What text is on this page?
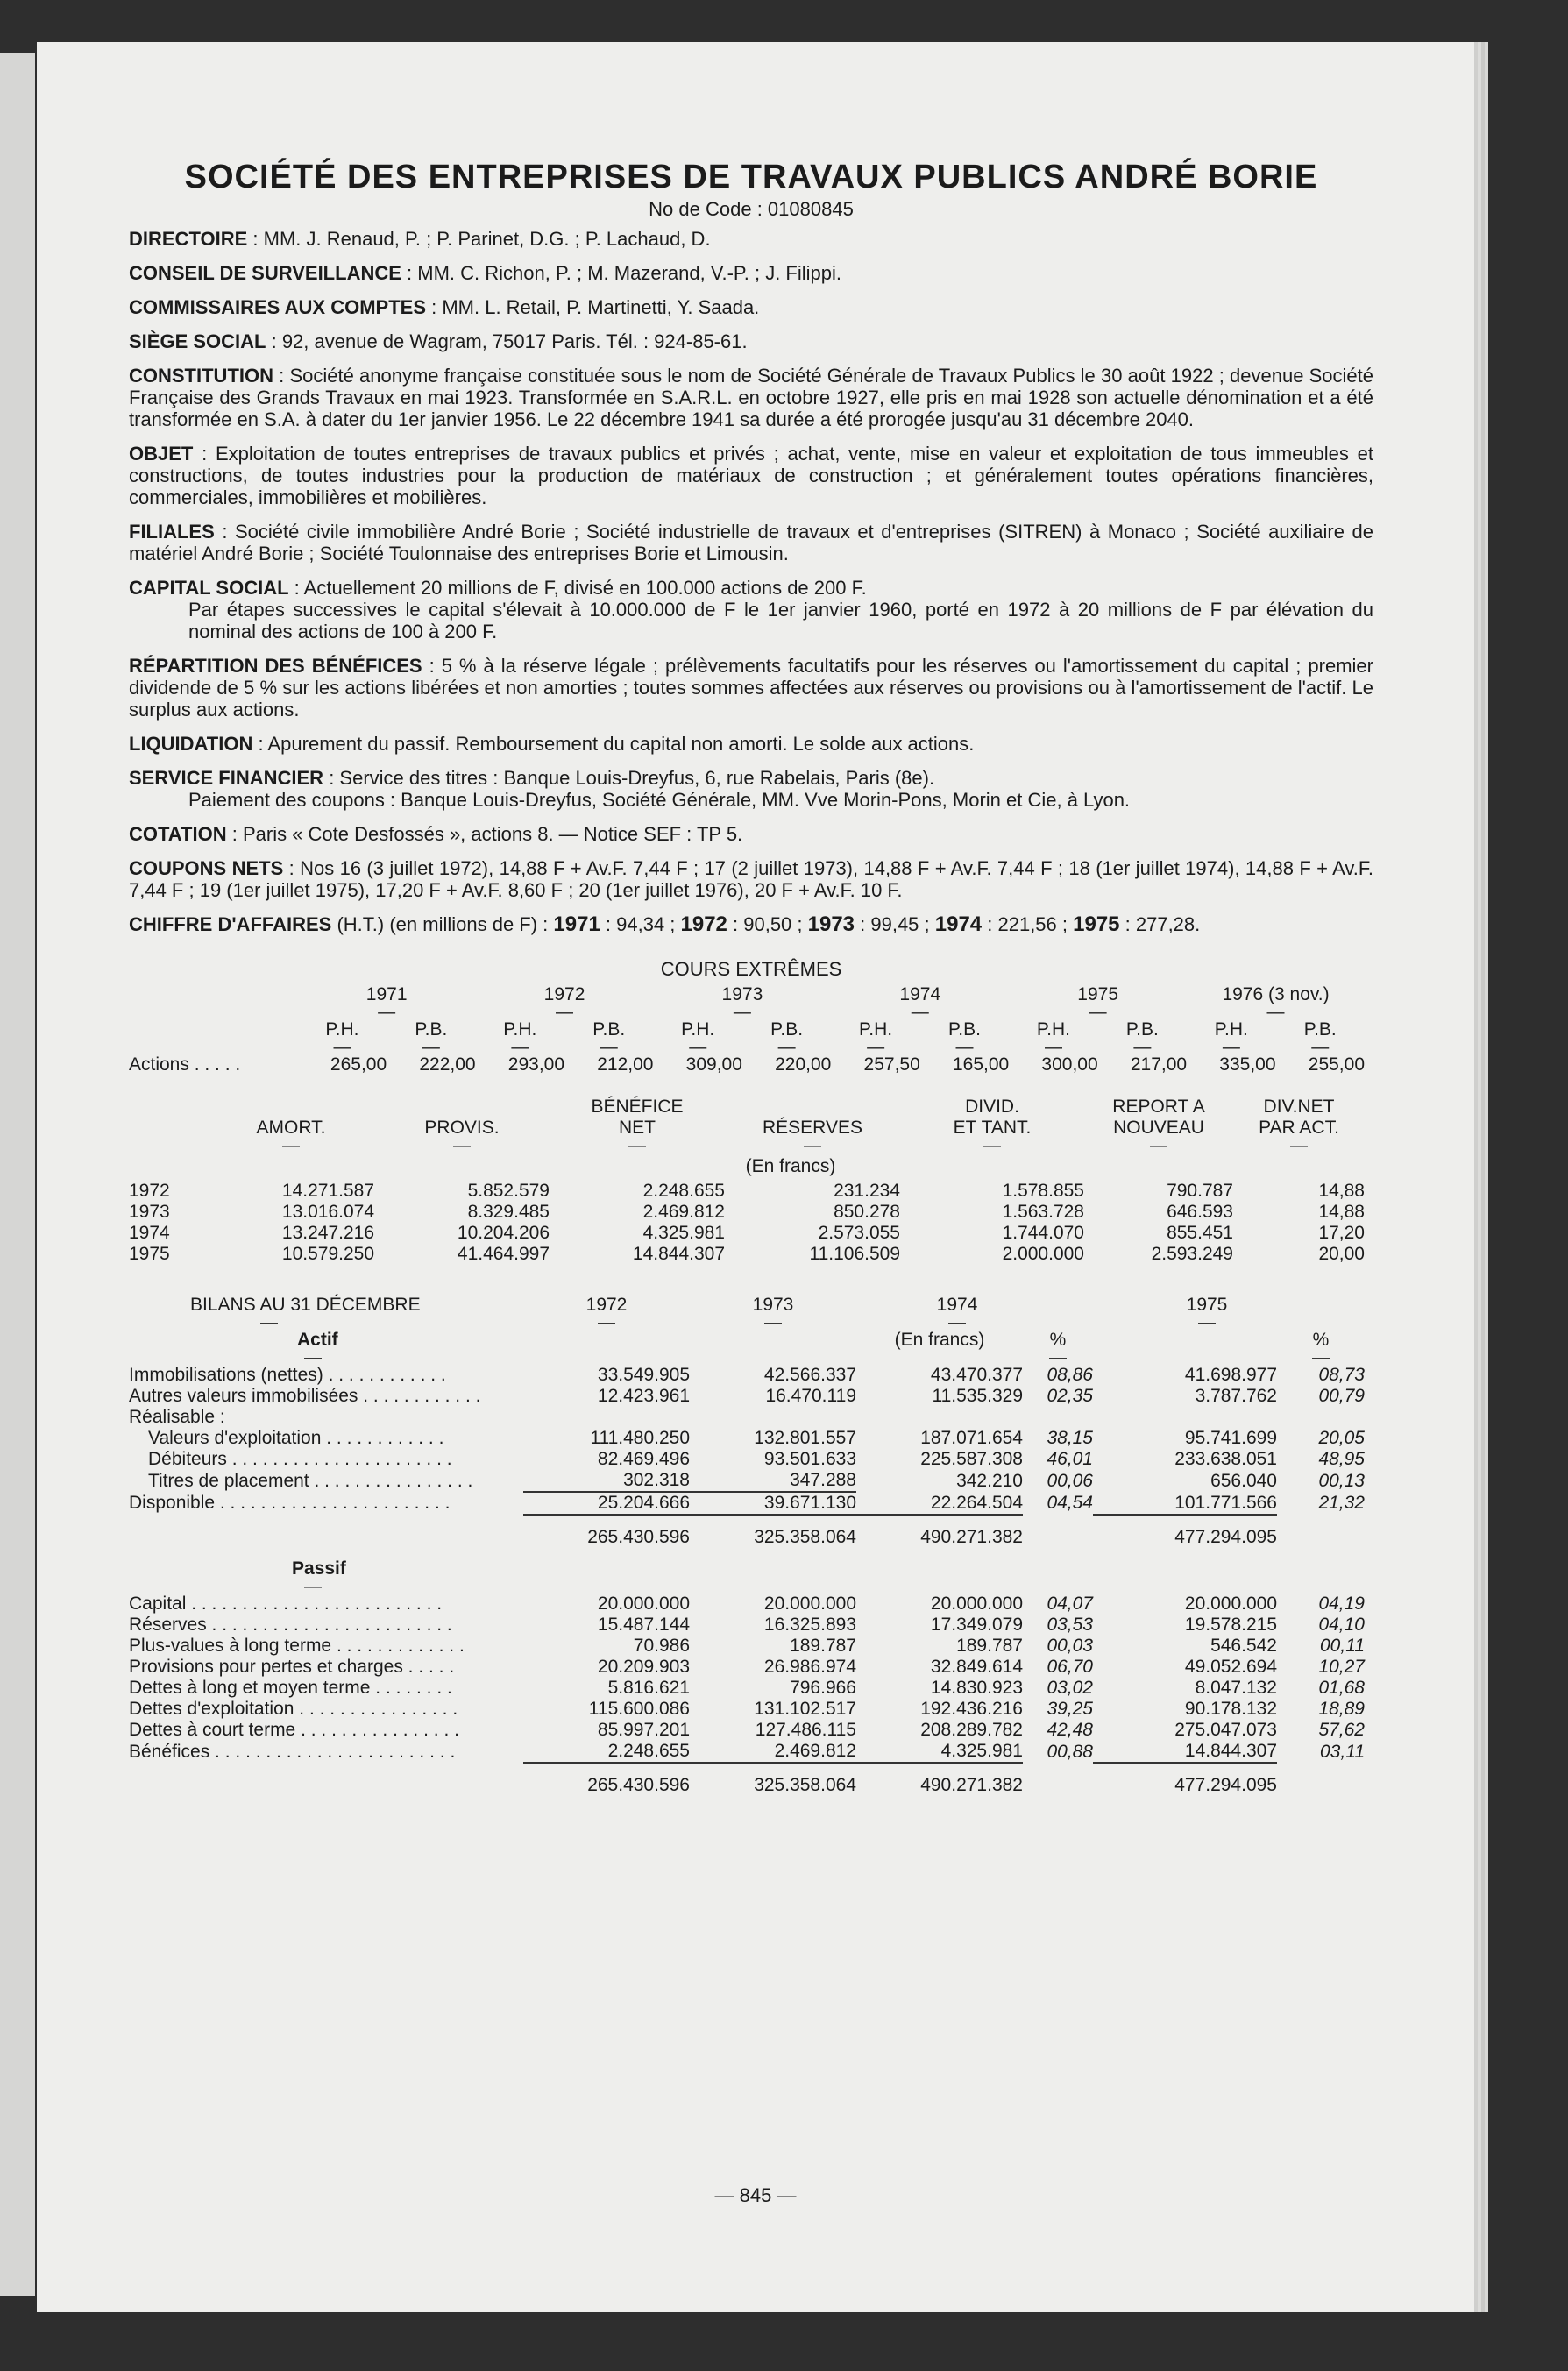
SOCIÉTÉ DES ENTREPRISES DE TRAVAUX PUBLICS ANDRÉ BORIE
No de Code : 01080845

DIRECTOIRE : MM. J. Renaud, P. ; P. Parinet, D.G. ; P. Lachaud, D.

CONSEIL DE SURVEILLANCE : MM. C. Richon, P. ; M. Mazerand, V.-P. ; J. Filippi.

COMMISSAIRES AUX COMPTES : MM. L. Retail, P. Martinetti, Y. Saada.

SIÈGE SOCIAL : 92, avenue de Wagram, 75017 Paris. Tél. : 924-85-61.

CONSTITUTION : Société anonyme française constituée sous le nom de Société Générale de Travaux Publics le 30 août 1922 ; devenue Société Française des Grands Travaux en mai 1923. Transformée en S.A.R.L. en octobre 1927, elle pris en mai 1928 son actuelle dénomination et a été transformée en S.A. à dater du 1er janvier 1956. Le 22 décembre 1941 sa durée a été prorogée jusqu'au 31 décembre 2040.

OBJET : Exploitation de toutes entreprises de travaux publics et privés ; achat, vente, mise en valeur et exploitation de tous immeubles et constructions, de toutes industries pour la production de matériaux de construction ; et généralement toutes opérations financières, commerciales, immobilières et mobilières.

FILIALES : Société civile immobilière André Borie ; Société industrielle de travaux et d'entreprises (SITREN) à Monaco ; Société auxiliaire de matériel André Borie ; Société Toulonnaise des entreprises Borie et Limousin.

CAPITAL SOCIAL : Actuellement 20 millions de F, divisé en 100.000 actions de 200 F.
Par étapes successives le capital s'élevait à 10.000.000 de F le 1er janvier 1960, porté en 1972 à 20 millions de F par élévation du nominal des actions de 100 à 200 F.

RÉPARTITION DES BÉNÉFICES : 5 % à la réserve légale ; prélèvements facultatifs pour les réserves ou l'amortissement du capital ; premier dividende de 5 % sur les actions libérées et non amorties ; toutes sommes affectées aux réserves ou provisions ou à l'amortissement de l'actif. Le surplus aux actions.

LIQUIDATION : Apurement du passif. Remboursement du capital non amorti. Le solde aux actions.

SERVICE FINANCIER : Service des titres : Banque Louis-Dreyfus, 6, rue Rabelais, Paris (8e).
Paiement des coupons : Banque Louis-Dreyfus, Société Générale, MM. Vve Morin-Pons, Morin et Cie, à Lyon.

COTATION : Paris « Cote Desfossés », actions 8. — Notice SEF : TP 5.

COUPONS NETS : Nos 16 (3 juillet 1972), 14,88 F + Av.F. 7,44 F ; 17 (2 juillet 1973), 14,88 F + Av.F. 7,44 F ; 18 (1er juillet 1974), 14,88 F + Av.F. 7,44 F ; 19 (1er juillet 1975), 17,20 F + Av.F. 8,60 F ; 20 (1er juillet 1976), 20 F + Av.F. 10 F.

CHIFFRE D'AFFAIRES (H.T.) (en millions de F) : 1971 : 94,34 ; 1972 : 90,50 ; 1973 : 99,45 ; 1974 : 221,56 ; 1975 : 277,28.

COURS EXTRÊMES
	1971		1972		1973		1974		1975		1976 (3 nov.)	
	—		—		—		—		—		—	
	P.H.	P.B.	P.H.	P.B.	P.H.	P.B.	P.H.	P.B.	P.H.	P.B.	P.H.	P.B.
	—	—	—	—	—	—	—	—	—	—	—	—
Actions . . . . .	265,00	222,00	293,00	212,00	309,00	220,00	257,50	165,00	300,00	217,00	335,00	255,00
			BÉNÉFICE		DIVID.	REPORT A	DIV.NET
	AMORT.	PROVIS.	NET	RÉSERVES	ET TANT.	NOUVEAU	PAR ACT.
	—	—	—	—	—	—	—
(En francs)							
1972	14.271.587	5.852.579	2.248.655	231.234	1.578.855	790.787	14,88
1973	13.016.074	8.329.485	2.469.812	850.278	1.563.728	646.593	14,88
1974	13.247.216	10.204.206	4.325.981	2.573.055	1.744.070	855.451	17,20
1975	10.579.250	41.464.997	14.844.307	11.106.509	2.000.000	2.593.249	20,00
BILANS AU 31 DÉCEMBRE	1972	1973	1974		1975	
—	—	—	—		—	
Actif			(En francs)	%		%
—				—		—
Immobilisations (nettes) . . . . . . . . . . . .	33.549.905	42.566.337	43.470.377	08,86	41.698.977	08,73
Autres valeurs immobilisées . . . . . . . . . . . .	12.423.961	16.470.119	11.535.329	02,35	3.787.762	00,79
Réalisable :						
Valeurs d'exploitation . . . . . . . . . . . .	111.480.250	132.801.557	187.071.654	38,15	95.741.699	20,05
Débiteurs . . . . . . . . . . . . . . . . . . . . . .	82.469.496	93.501.633	225.587.308	46,01	233.638.051	48,95
Titres de placement . . . . . . . . . . . . . . . .	302.318	347.288	342.210	00,06	656.040	00,13
Disponible . . . . . . . . . . . . . . . . . . . . . . .	25.204.666	39.671.130	22.264.504	04,54	101.771.566	21,32
	265.430.596	325.358.064	490.271.382		477.294.095	
Passif						
—						
Capital . . . . . . . . . . . . . . . . . . . . . . . . .	20.000.000	20.000.000	20.000.000	04,07	20.000.000	04,19
Réserves . . . . . . . . . . . . . . . . . . . . . . . .	15.487.144	16.325.893	17.349.079	03,53	19.578.215	04,10
Plus-values à long terme . . . . . . . . . . . . .	70.986	189.787	189.787	00,03	546.542	00,11
Provisions pour pertes et charges . . . . .	20.209.903	26.986.974	32.849.614	06,70	49.052.694	10,27
Dettes à long et moyen terme . . . . . . . .	5.816.621	796.966	14.830.923	03,02	8.047.132	01,68
Dettes d'exploitation . . . . . . . . . . . . . . . .	115.600.086	131.102.517	192.436.216	39,25	90.178.132	18,89
Dettes à court terme . . . . . . . . . . . . . . . .	85.997.201	127.486.115	208.289.782	42,48	275.047.073	57,62
Bénéfices . . . . . . . . . . . . . . . . . . . . . . . .	2.248.655	2.469.812	4.325.981	00,88	14.844.307	03,11
	265.430.596	325.358.064	490.271.382		477.294.095	
— 845 —
